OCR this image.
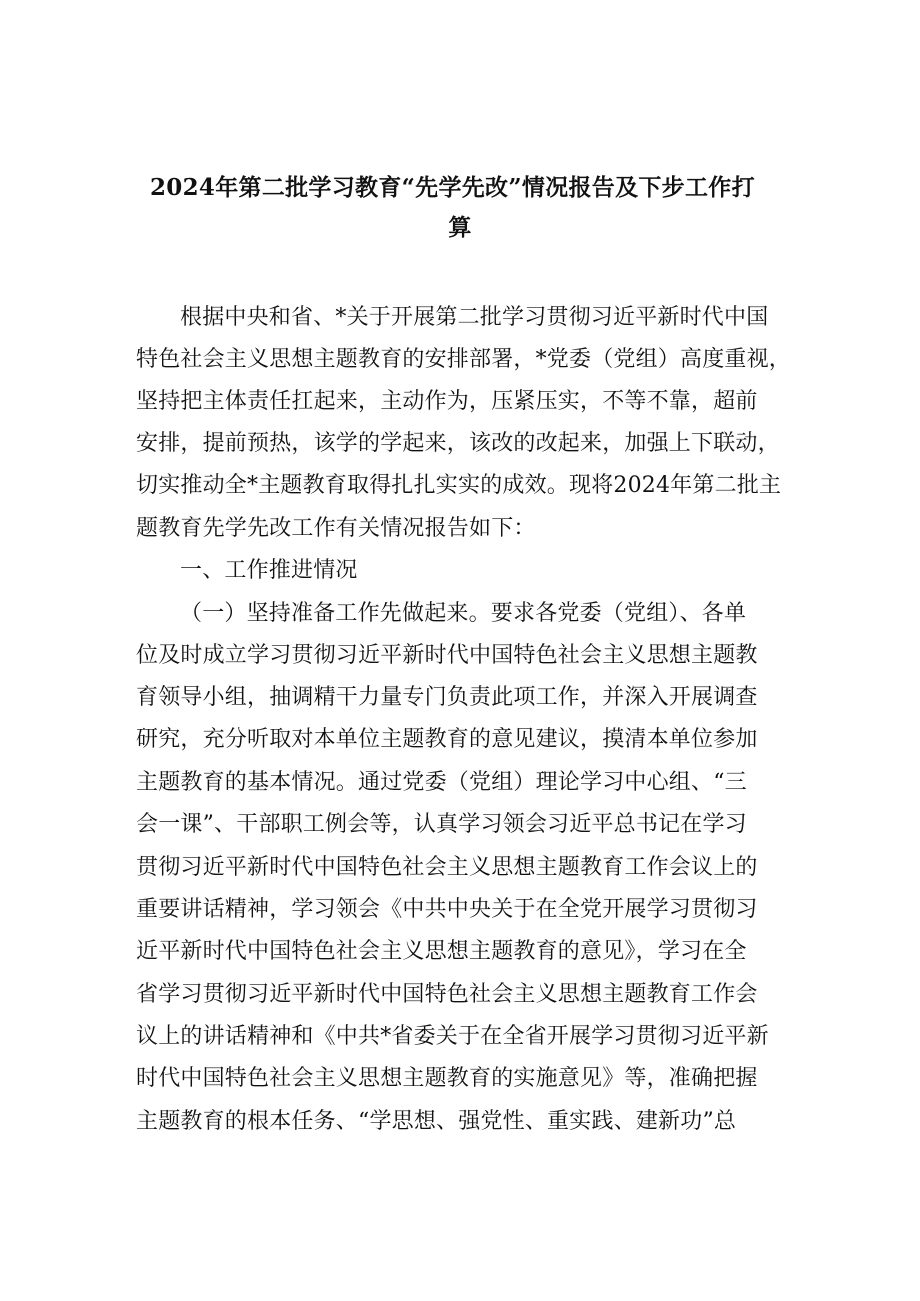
2024年第二批学习教育“先学先改”情况报告及下步工作打
算
根据中央和省、*关于开展第二批学习贯彻习近平新时代中国
特色社会主义思想主题教育的安排部署，*党委（党组）高度重视，
坚持把主体责任扛起来，主动作为，压紧压实，不等不靠，超前
安排，提前预热，该学的学起来，该改的改起来，加强上下联动，
切实推动全*主题教育取得扎扎实实的成效。现将2024年第二批主
题教育先学先改工作有关情况报告如下：
一、工作推进情况
（一）坚持准备工作先做起来。要求各党委（党组）、各单
位及时成立学习贯彻习近平新时代中国特色社会主义思想主题教
育领导小组，抽调精干力量专门负责此项工作，并深入开展调查
研究，充分听取对本单位主题教育的意见建议，摸清本单位参加
主题教育的基本情况。通过党委（党组）理论学习中心组、“三
会一课”、干部职工例会等，认真学习领会习近平总书记在学习
贯彻习近平新时代中国特色社会主义思想主题教育工作会议上的
重要讲话精神，学习领会《中共中央关于在全党开展学习贯彻习
近平新时代中国特色社会主义思想主题教育的意见》，学习在全
省学习贯彻习近平新时代中国特色社会主义思想主题教育工作会
议上的讲话精神和《中共*省委关于在全省开展学习贯彻习近平新
时代中国特色社会主义思想主题教育的实施意见》等，准确把握
主题教育的根本任务、“学思想、强党性、重实践、建新功”总
